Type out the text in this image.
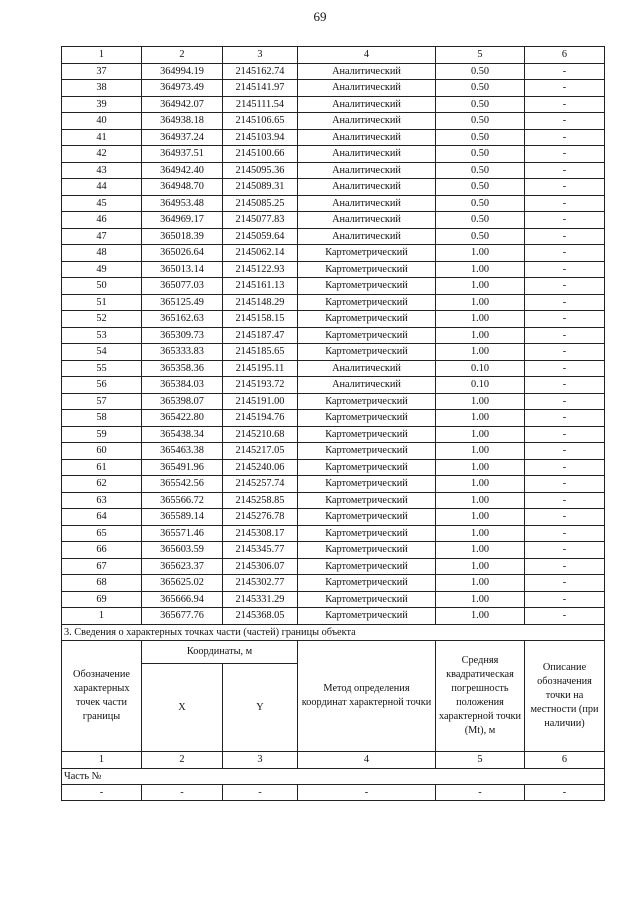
69
1	2	3	4	5	6
37	364994.19	2145162.74	Аналитический	0.50	-
38	364973.49	2145141.97	Аналитический	0.50	-
39	364942.07	2145111.54	Аналитический	0.50	-
40	364938.18	2145106.65	Аналитический	0.50	-
41	364937.24	2145103.94	Аналитический	0.50	-
42	364937.51	2145100.66	Аналитический	0.50	-
43	364942.40	2145095.36	Аналитический	0.50	-
44	364948.70	2145089.31	Аналитический	0.50	-
45	364953.48	2145085.25	Аналитический	0.50	-
46	364969.17	2145077.83	Аналитический	0.50	-
47	365018.39	2145059.64	Аналитический	0.50	-
48	365026.64	2145062.14	Картометрический	1.00	-
49	365013.14	2145122.93	Картометрический	1.00	-
50	365077.03	2145161.13	Картометрический	1.00	-
51	365125.49	2145148.29	Картометрический	1.00	-
52	365162.63	2145158.15	Картометрический	1.00	-
53	365309.73	2145187.47	Картометрический	1.00	-
54	365333.83	2145185.65	Картометрический	1.00	-
55	365358.36	2145195.11	Аналитический	0.10	-
56	365384.03	2145193.72	Аналитический	0.10	-
57	365398.07	2145191.00	Картометрический	1.00	-
58	365422.80	2145194.76	Картометрический	1.00	-
59	365438.34	2145210.68	Картометрический	1.00	-
60	365463.38	2145217.05	Картометрический	1.00	-
61	365491.96	2145240.06	Картометрический	1.00	-
62	365542.56	2145257.74	Картометрический	1.00	-
63	365566.72	2145258.85	Картометрический	1.00	-
64	365589.14	2145276.78	Картометрический	1.00	-
65	365571.46	2145308.17	Картометрический	1.00	-
66	365603.59	2145345.77	Картометрический	1.00	-
67	365623.37	2145306.07	Картометрический	1.00	-
68	365625.02	2145302.77	Картометрический	1.00	-
69	365666.94	2145331.29	Картометрический	1.00	-
1	365677.76	2145368.05	Картометрический	1.00	-
3. Сведения о характерных точках части (частей) границы объекта					
Обозначение характерных точек части границы	Координаты, м		Метод определения координат характерной точки	Средняя квадратическая погрешность положения характерной точки (Mt), м	Описание обозначения точки на местности (при наличии)
	X	Y			
1	2	3	4	5	6
Часть №					
-	-	-	-	-	-
